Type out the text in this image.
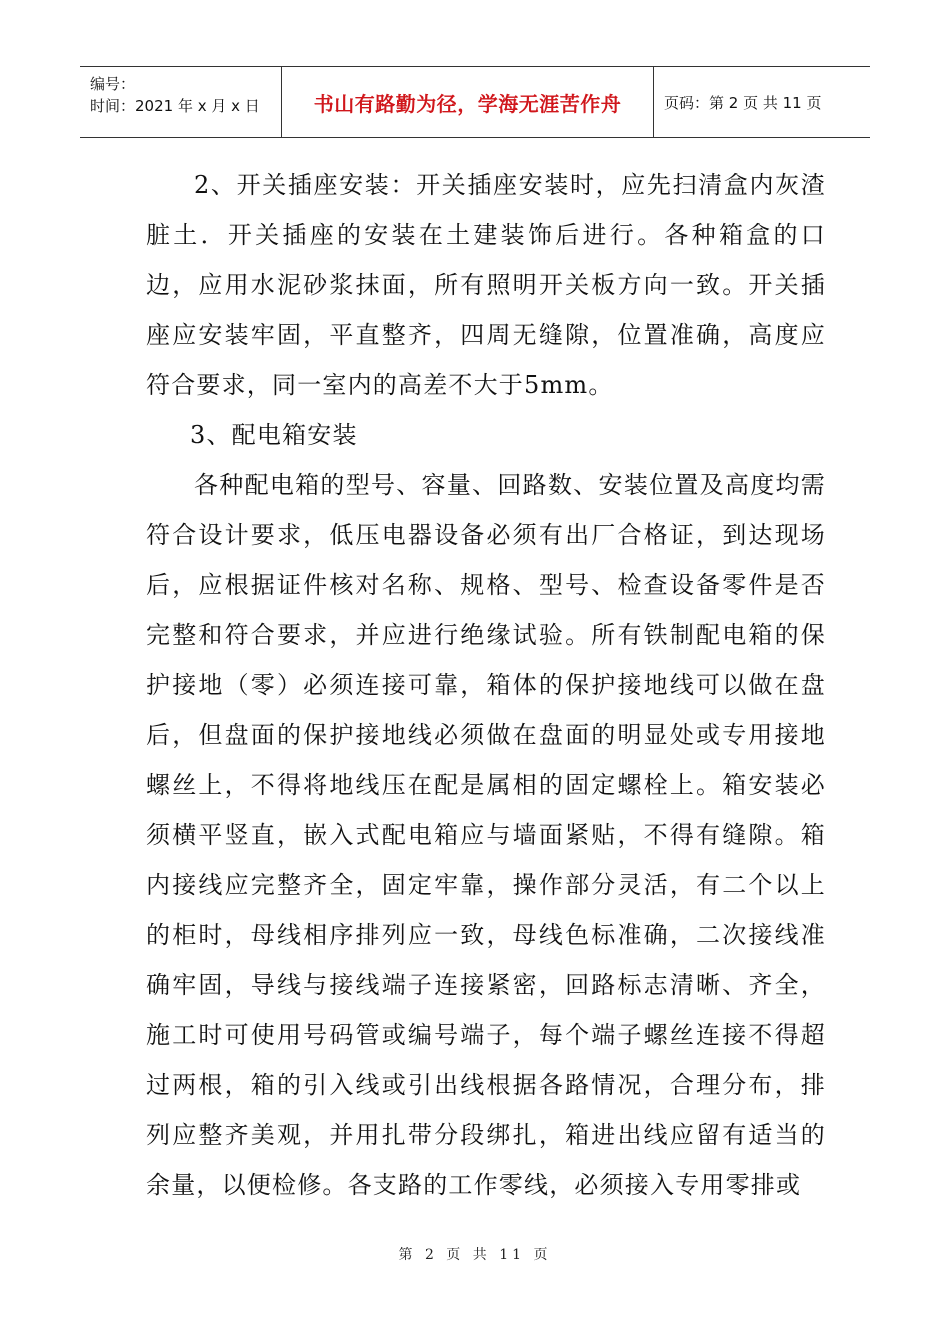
编号：
时间：2021 年 x 月 x 日	书山有路勤为径，学海无涯苦作舟	页码：第 2 页 共 11 页

2、开关插座安装：开关插座安装时，应先扫清盒内灰渣脏土．开关插座的安装在土建装饰后进行。各种箱盒的口边，应用水泥砂浆抹面，所有照明开关板方向一致。开关插座应安装牢固，平直整齐，四周无缝隙，位置准确，高度应符合要求，同一室内的高差不大于5mm。

3、配电箱安装

各种配电箱的型号、容量、回路数、安装位置及高度均需符合设计要求，低压电器设备必须有出厂合格证，到达现场后，应根据证件核对名称、规格、型号、检查设备零件是否完整和符合要求，并应进行绝缘试验。所有铁制配电箱的保护接地（零）必须连接可靠，箱体的保护接地线可以做在盘后，但盘面的保护接地线必须做在盘面的明显处或专用接地螺丝上，不得将地线压在配是属相的固定螺栓上。箱安装必须横平竖直，嵌入式配电箱应与墙面紧贴，不得有缝隙。箱内接线应完整齐全，固定牢靠，操作部分灵活，有二个以上的柜时，母线相序排列应一致，母线色标准确，二次接线准确牢固，导线与接线端子连接紧密，回路标志清晰、齐全，施工时可使用号码管或编号端子，每个端子螺丝连接不得超过两根，箱的引入线或引出线根据各路情况，合理分布，排列应整齐美观，并用扎带分段绑扎，箱进出线应留有适当的余量，以便检修。各支路的工作零线，必须接入专用零排或

第 2 页 共 11 页
